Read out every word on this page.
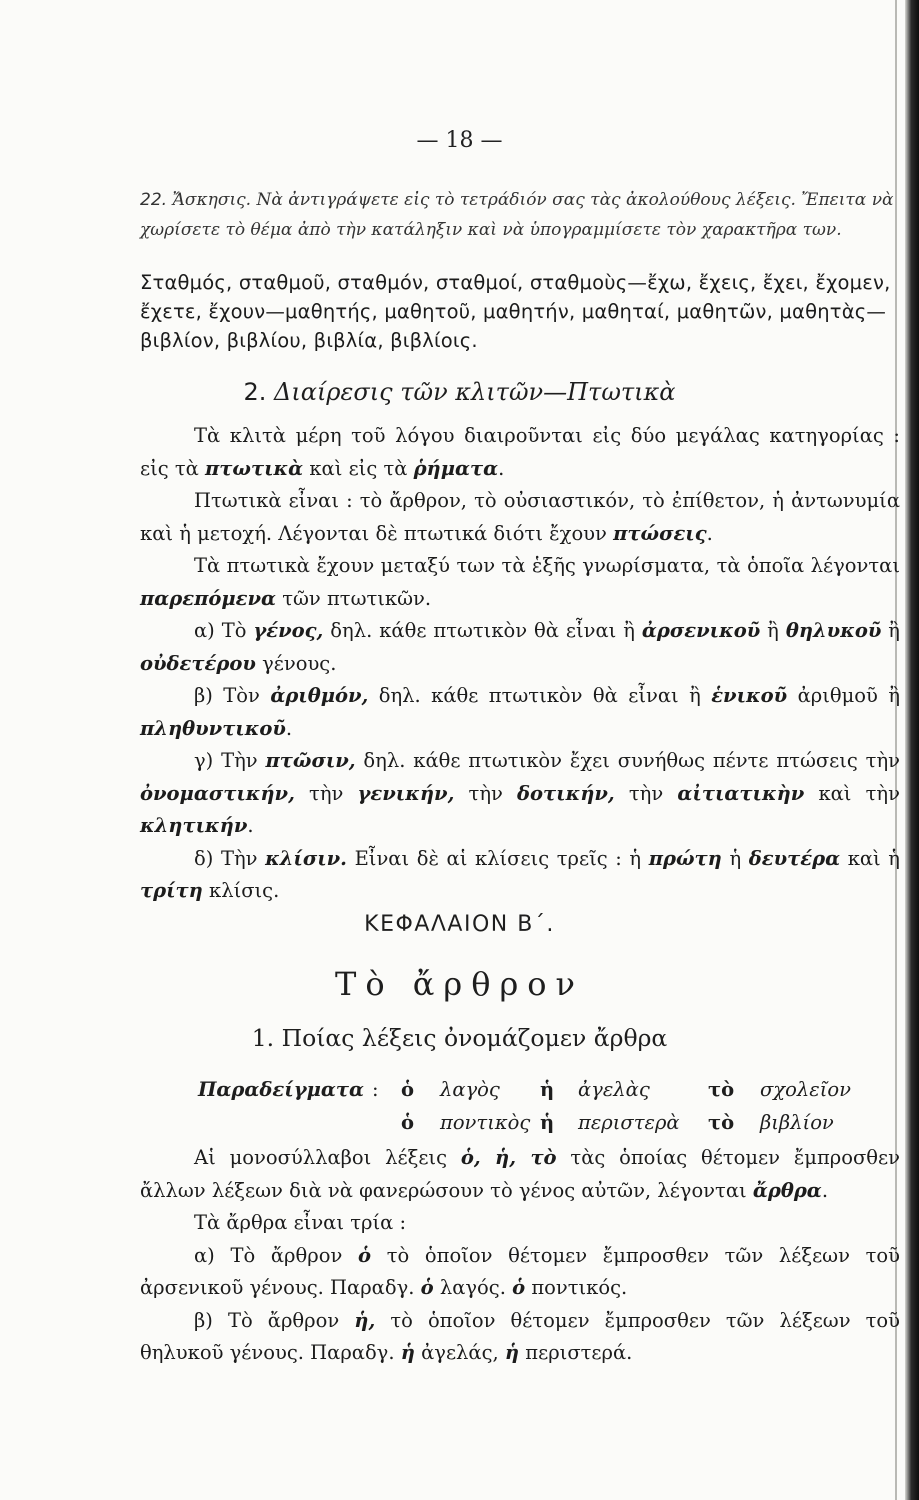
— 18 —

22. Ἄσκησις. Νὰ ἀντιγράψετε εἰς τὸ τετράδιόν σας τὰς ἀκολούθους λέξεις. Ἔπειτα νὰ χωρίσετε τὸ θέμα ἀπὸ τὴν κατάληξιν καὶ νὰ ὑπογραμμίσετε τὸν χαρακτῆρα των.

Σταθμός, σταθμοῦ, σταθμόν, σταθμοί, σταθμοὺς—ἔχω, ἔχεις, ἔχει, ἔχομεν, ἔχετε, ἔχουν—μαθητής, μαθητοῦ, μαθητήν, μαθηταί, μαθητῶν, μαθητὰς—βιβλίον, βιβλίου, βιβλία, βιβλίοις.

2. Διαίρεσις τῶν κλιτῶν—Πτωτικὰ

Τὰ κλιτὰ μέρη τοῦ λόγου διαιροῦνται εἰς δύο μεγάλας κατηγορίας : εἰς τὰ πτωτικὰ καὶ εἰς τὰ ῥήματα.

Πτωτικὰ εἶναι : τὸ ἄρθρον, τὸ οὐσιαστικόν, τὸ ἐπίθετον, ἡ ἀντωνυμία καὶ ἡ μετοχή. Λέγονται δὲ πτωτικά διότι ἔχουν πτώσεις.

Τὰ πτωτικὰ ἔχουν μεταξύ των τὰ ἑξῆς γνωρίσματα, τὰ ὁποῖα λέγονται παρεπόμενα τῶν πτωτικῶν.

α) Τὸ γένος, δηλ. κάθε πτωτικὸν θὰ εἶναι ἢ ἀρσενικοῦ ἢ θηλυκοῦ ἢ οὐδετέρου γένους.

β) Τὸν ἀριθμόν, δηλ. κάθε πτωτικὸν θὰ εἶναι ἢ ἑνικοῦ ἀριθμοῦ ἢ πληθυντικοῦ.

γ) Τὴν πτῶσιν, δηλ. κάθε πτωτικὸν ἔχει συνήθως πέντε πτώσεις τὴν ὀνομαστικήν, τὴν γενικήν, τὴν δοτικήν, τὴν αἰτιατικὴν καὶ τὴν κλητικήν.

δ) Τὴν κλίσιν. Εἶναι δὲ αἱ κλίσεις τρεῖς : ἡ πρώτη ἡ δευτέρα καὶ ἡ τρίτη κλίσις.

ΚΕΦΑΛΑΙΟΝ Β΄.
Τὸ ἄρθρον
1. Ποίας λέξεις ὀνομάζομεν ἄρθρα
Παραδείγματα : ὁ λαγὸς ἡ ἀγελὰς	τὸ σχολεῖον
ὁ ποντικὸς ἡ περιστερὰ τὸ βιβλίον

Αἱ μονοσύλλαβοι λέξεις ὁ, ἡ, τὸ τὰς ὁποίας θέτομεν ἔμπροσθεν ἄλλων λέξεων διὰ νὰ φανερώσουν τὸ γένος αὐτῶν, λέγονται ἄρθρα.

Τὰ ἄρθρα εἶναι τρία :

α) Τὸ ἄρθρον ὁ τὸ ὁποῖον θέτομεν ἔμπροσθεν τῶν λέξεων τοῦ ἀρσενικοῦ γένους. Παραδγ. ὁ λαγός. ὁ ποντικός.

β) Τὸ ἄρθρον ἡ, τὸ ὁποῖον θέτομεν ἔμπροσθεν τῶν λέξεων τοῦ θηλυκοῦ γένους. Παραδγ. ἡ ἀγελάς, ἡ περιστερά.
